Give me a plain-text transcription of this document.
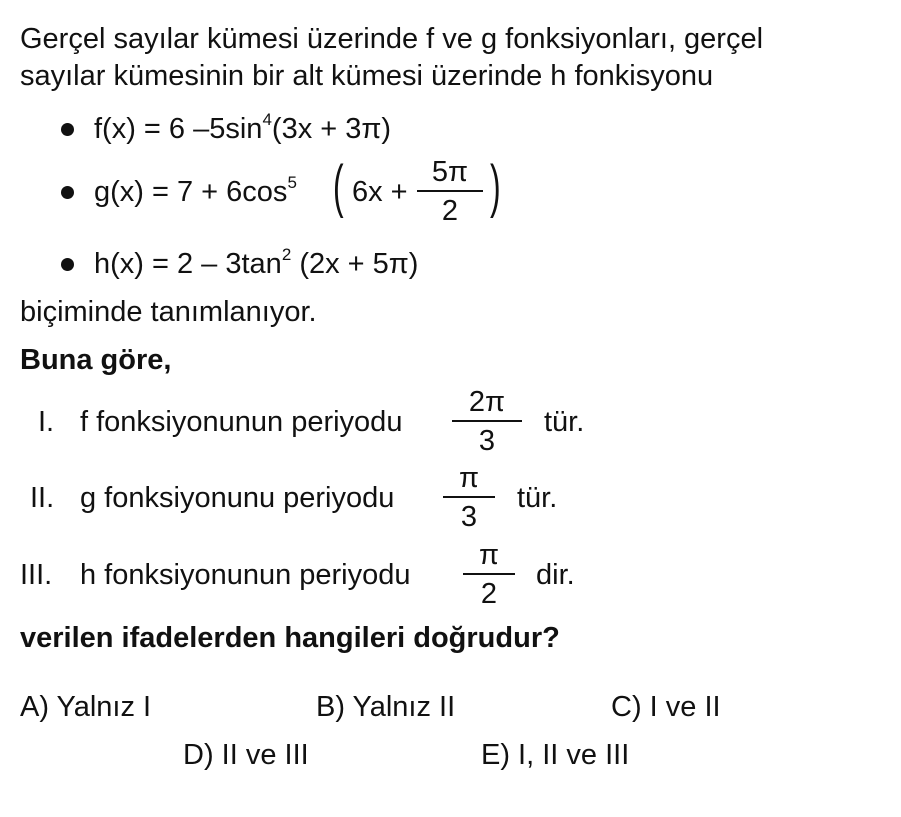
Gerçel sayılar kümesi üzerinde f ve g fonksiyonları, gerçel
sayılar kümesinin bir alt kümesi üzerinde h fonkisyonu
f(x) = 6 $-5\sin^4(3x + 3\pi)$
$g(x) = 7 + 6\cos^5$ ( 6x +
5π
2 )
$h(x) = 2 - 3\tan^2$ (2x + 5π)
biçiminde tanımlanıyor.
Buna göre,
I. f fonksiyonunun periyodu
2π
3
tür.
II. g fonksiyonunu periyodu
π
3
tür.
III. h fonksiyonunun periyodu
π
2
dir.
verilen ifadelerden hangileri doğrudur?
A) Yalnız I	B) Yalnız II	C) I ve II
D) II ve III	E) I, II ve III
